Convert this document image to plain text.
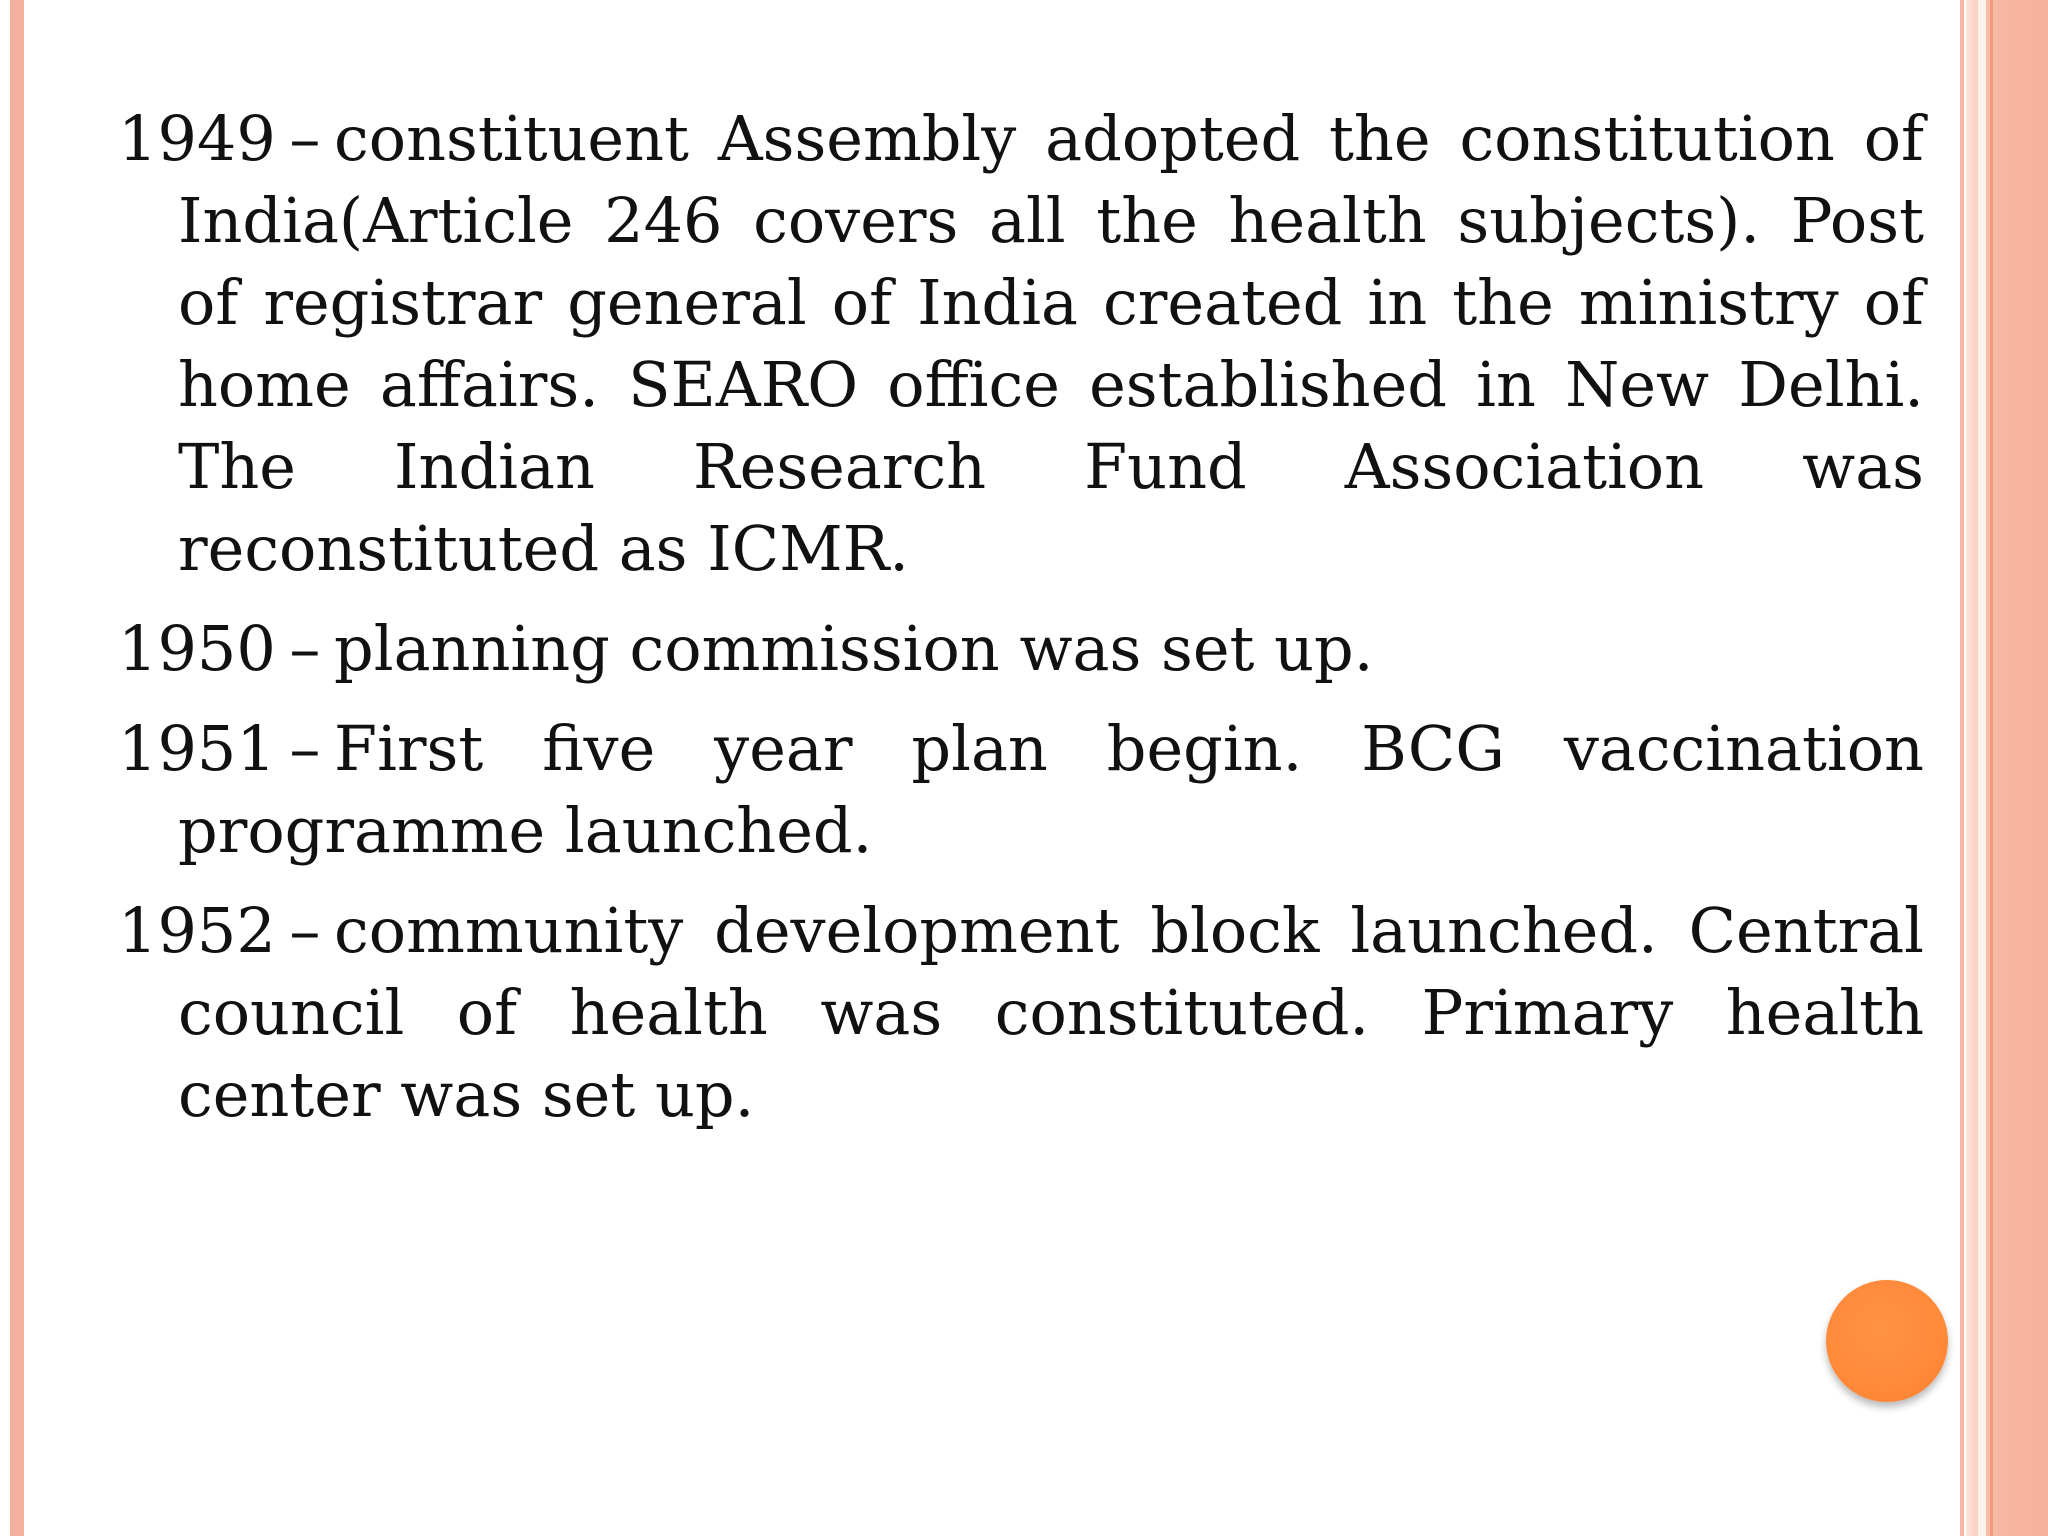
1949 – constituent Assembly adopted the constitution of India(Article 246 covers all the health subjects). Post of registrar general of India created in the ministry of home affairs. SEARO office established in New Delhi. The Indian Research Fund Association was reconstituted as ICMR.

1950 – planning commission was set up.

1951 – First five year plan begin. BCG vaccination programme launched.

1952 – community development block launched. Central council of health was constituted. Primary health center was set up.
